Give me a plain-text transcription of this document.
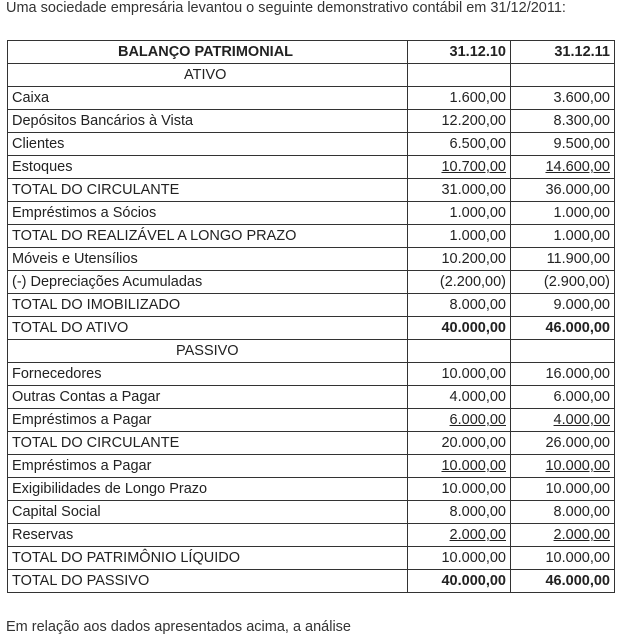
Uma sociedade empresária levantou o seguinte demonstrativo contábil em 31/12/2011:
BALANÇO PATRIMONIAL	31.12.10	31.12.11
ATIVO		
Caixa	1.600,00	3.600,00
Depósitos Bancários à Vista	12.200,00	8.300,00
Clientes	6.500,00	9.500,00
Estoques	10.700,00	14.600,00
TOTAL DO CIRCULANTE	31.000,00	36.000,00
Empréstimos a Sócios	1.000,00	1.000,00
TOTAL DO REALIZÁVEL A LONGO PRAZO	1.000,00	1.000,00
Móveis e Utensílios	10.200,00	11.900,00
(-) Depreciações Acumuladas	(2.200,00)	(2.900,00)
TOTAL DO IMOBILIZADO	8.000,00	9.000,00
TOTAL DO ATIVO	40.000,00	46.000,00
PASSIVO		
Fornecedores	10.000,00	16.000,00
Outras Contas a Pagar	4.000,00	6.000,00
Empréstimos a Pagar	6.000,00	4.000,00
TOTAL DO CIRCULANTE	20.000,00	26.000,00
Empréstimos a Pagar	10.000,00	10.000,00
Exigibilidades de Longo Prazo	10.000,00	10.000,00
Capital Social	8.000,00	8.000,00
Reservas	2.000,00	2.000,00
TOTAL DO PATRIMÔNIO LÍQUIDO	10.000,00	10.000,00
TOTAL DO PASSIVO	40.000,00	46.000,00
Em relação aos dados apresentados acima, a análise
